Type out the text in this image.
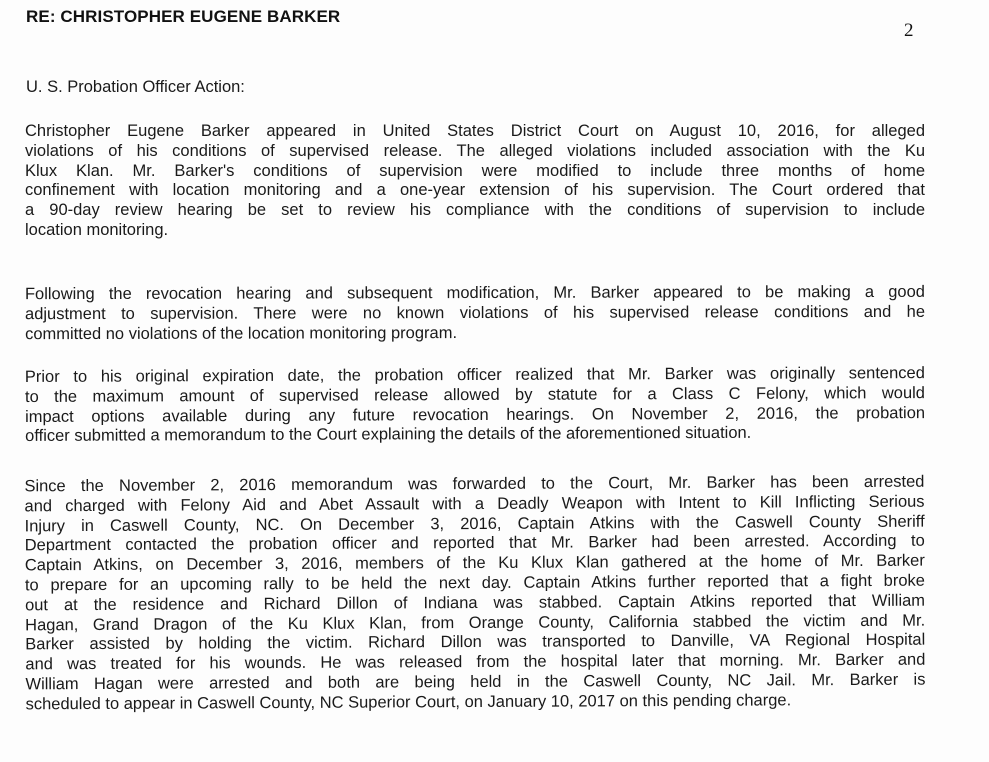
RE: CHRISTOPHER EUGENE BARKER
2
U. S. Probation Officer Action:
Christopher Eugene Barker appeared in United States District Court on August 10, 2016, for alleged
violations of his conditions of supervised release. The alleged violations included association with the Ku
Klux Klan. Mr. Barker's conditions of supervision were modified to include three months of home
confinement with location monitoring and a one-year extension of his supervision. The Court ordered that
a 90-day review hearing be set to review his compliance with the conditions of supervision to include
location monitoring.
Following the revocation hearing and subsequent modification, Mr. Barker appeared to be making a good
adjustment to supervision. There were no known violations of his supervised release conditions and he
committed no violations of the location monitoring program.
Prior to his original expiration date, the probation officer realized that Mr. Barker was originally sentenced
to the maximum amount of supervised release allowed by statute for a Class C Felony, which would
impact options available during any future revocation hearings. On November 2, 2016, the probation
officer submitted a memorandum to the Court explaining the details of the aforementioned situation.
Since the November 2, 2016 memorandum was forwarded to the Court, Mr. Barker has been arrested
and charged with Felony Aid and Abet Assault with a Deadly Weapon with Intent to Kill Inflicting Serious
Injury in Caswell County, NC. On December 3, 2016, Captain Atkins with the Caswell County Sheriff
Department contacted the probation officer and reported that Mr. Barker had been arrested. According to
Captain Atkins, on December 3, 2016, members of the Ku Klux Klan gathered at the home of Mr. Barker
to prepare for an upcoming rally to be held the next day. Captain Atkins further reported that a fight broke
out at the residence and Richard Dillon of Indiana was stabbed. Captain Atkins reported that William
Hagan, Grand Dragon of the Ku Klux Klan, from Orange County, California stabbed the victim and Mr.
Barker assisted by holding the victim. Richard Dillon was transported to Danville, VA Regional Hospital
and was treated for his wounds. He was released from the hospital later that morning. Mr. Barker and
William Hagan were arrested and both are being held in the Caswell County, NC Jail. Mr. Barker is
scheduled to appear in Caswell County, NC Superior Court, on January 10, 2017 on this pending charge.
